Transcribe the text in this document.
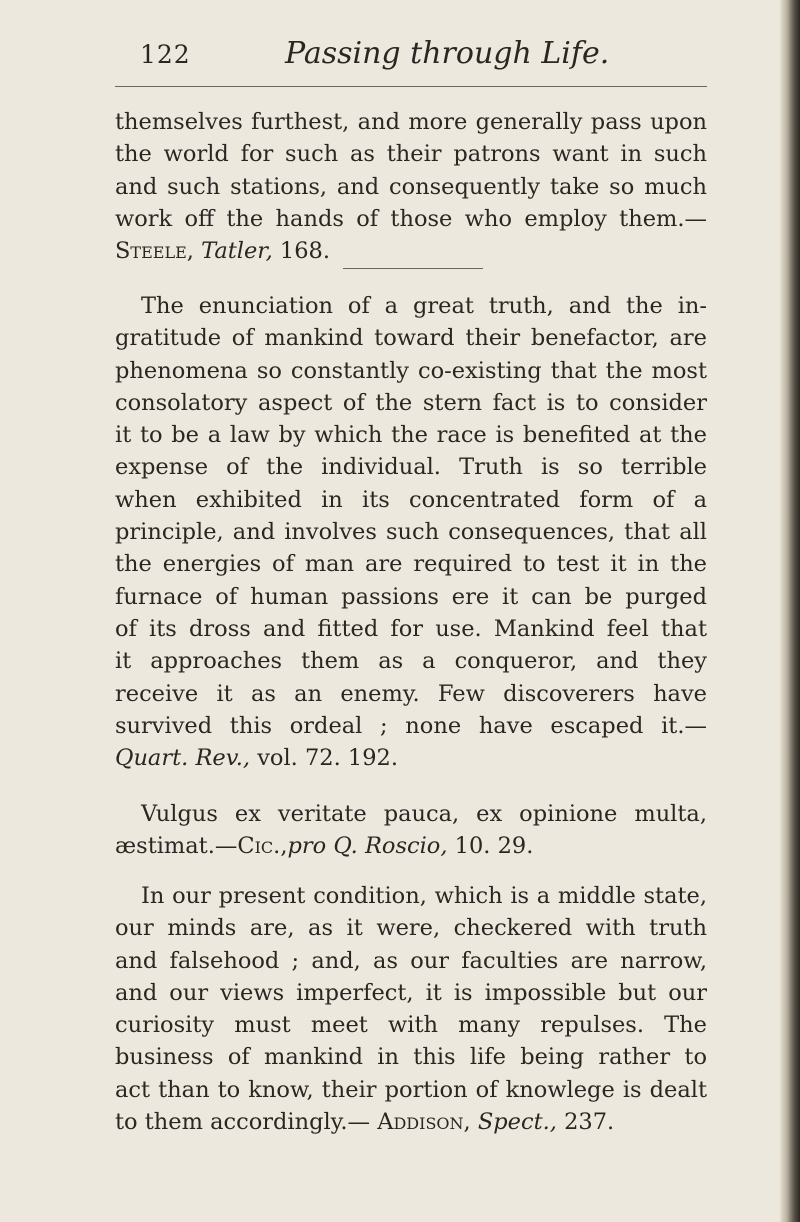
122	Passing through Life.
themselves furthest, and more generally pass upon
the world for such as their patrons want in such
and such stations, and consequently take so much
work off the hands of those who employ them.—
Steele, Tatler, 168.
The enunciation of a great truth, and the in-
gratitude of mankind toward their benefactor, are
phenomena so constantly co-existing that the most
consolatory aspect of the stern fact is to consider
it to be a law by which the race is benefited at the
expense of the individual. Truth is so terrible
when exhibited in its concentrated form of a
principle, and involves such consequences, that all
the energies of man are required to test it in the
furnace of human passions ere it can be purged
of its dross and fitted for use. Mankind feel that
it approaches them as a conqueror, and they
receive it as an enemy. Few discoverers have
survived this ordeal ; none have escaped it.—
Quart. Rev., vol. 72. 192.
Vulgus ex veritate pauca, ex opinione multa,
æstimat.—Cic.,pro Q. Roscio, 10. 29.
In our present condition, which is a middle state,
our minds are, as it were, checkered with truth
and falsehood ; and, as our faculties are narrow,
and our views imperfect, it is impossible but our
curiosity must meet with many repulses. The
business of mankind in this life being rather to
act than to know, their portion of knowlege is dealt
to them accordingly.— Addison, Spect., 237.
